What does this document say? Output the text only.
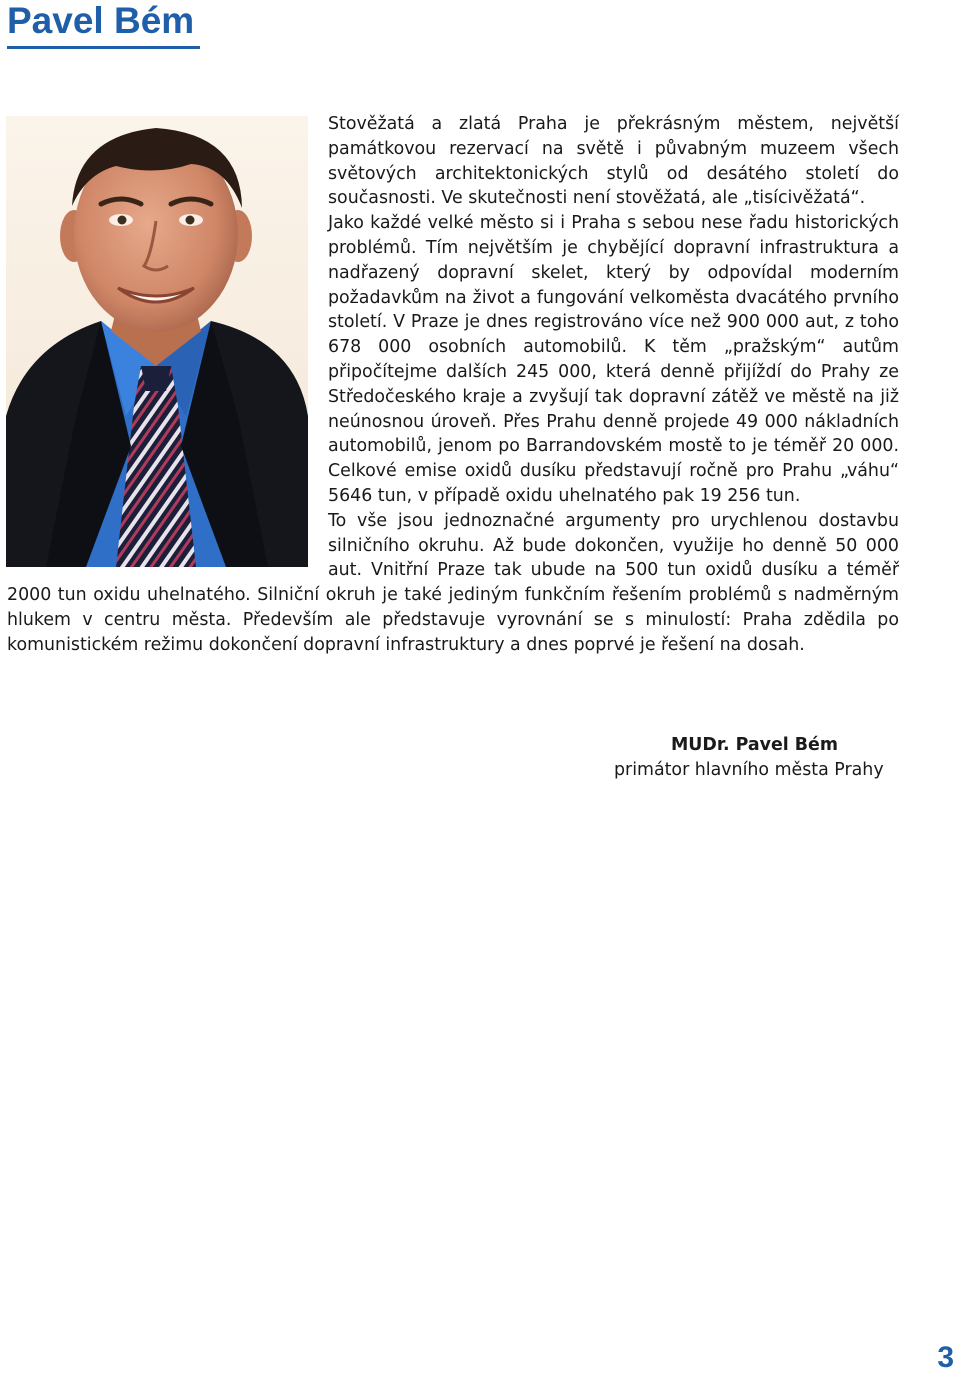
Pavel Bém

Stověžatá a zlatá Praha je překrásným městem, největší památkovou rezervací na světě i půvabným muzeem všech světových architektonických stylů od desátého století do současnosti. Ve skutečnosti není stověžatá, ale „tisícivěžatá“.

Jako každé velké město si i Praha s sebou nese řadu historických problémů. Tím největším je chybějící dopravní infrastruktura a nadřazený dopravní skelet, který by odpovídal moderním požadavkům na život a fungování velkoměsta dvacátého prvního století. V Praze je dnes registrováno více než 900 000 aut, z toho 678 000 osobních automobilů. K těm „pražským“ autům připočítejme dalších 245 000, která denně přijíždí do Prahy ze Středočeského kraje a zvyšují tak dopravní zátěž ve městě na již neúnosnou úroveň. Přes Prahu denně projede 49 000 nákladních automobilů, jenom po Barrandovském mostě to je téměř 20 000. Celkové emise oxidů dusíku představují ročně pro Prahu „váhu“ 5646 tun, v případě oxidu uhelnatého pak 19 256 tun.

To vše jsou jednoznačné argumenty pro urychlenou dostavbu silničního okruhu. Až bude dokončen, využije ho denně 50 000 aut. Vnitřní Praze tak ubude na 500 tun oxidů dusíku a téměř 2000 tun oxidu uhelnatého. Silniční okruh je také jediným funkčním řešením problémů s nadměrným hlukem v centru města. Především ale představuje vyrovnání se s minulostí: Praha zdědila po komunistickém režimu dokončení dopravní infrastruktury a dnes poprvé je řešení na dosah.

MUDr. Pavel Bém
primátor hlavního města Prahy
3
